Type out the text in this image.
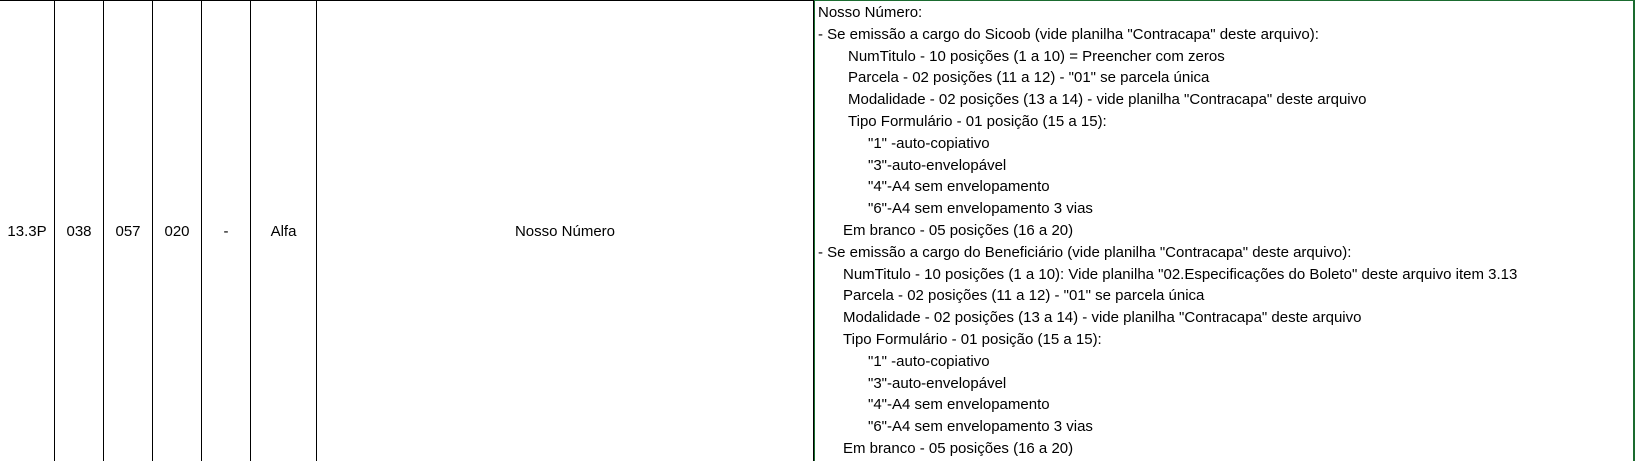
13.3P 038 057 020 -	Alfa	Nosso Número
Nosso Número:
- Se emissão a cargo do Sicoob (vide planilha "Contracapa" deste arquivo):
NumTitulo - 10 posições (1 a 10) = Preencher com zeros
Parcela - 02 posições (11 a 12) - "01" se parcela única
Modalidade - 02 posições (13 a 14) - vide planilha "Contracapa" deste arquivo
Tipo Formulário - 01 posição (15 a 15):
"1" -auto-copiativo
"3"-auto-envelopável
"4"-A4 sem envelopamento
"6"-A4 sem envelopamento 3 vias
Em branco - 05 posições (16 a 20)
- Se emissão a cargo do Beneficiário (vide planilha "Contracapa" deste arquivo):
NumTitulo - 10 posições (1 a 10): Vide planilha "02.Especificações do Boleto" deste arquivo item 3.13
Parcela - 02 posições (11 a 12) - "01" se parcela única
Modalidade - 02 posições (13 a 14) - vide planilha "Contracapa" deste arquivo
Tipo Formulário - 01 posição (15 a 15):
"1" -auto-copiativo
"3"-auto-envelopável
"4"-A4 sem envelopamento
"6"-A4 sem envelopamento 3 vias
Em branco - 05 posições (16 a 20)
